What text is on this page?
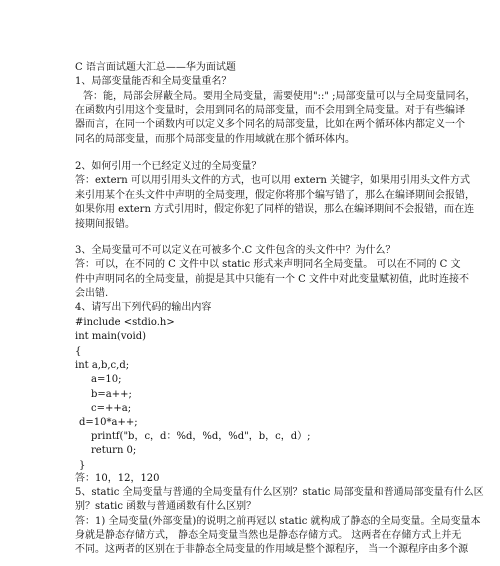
C 语言面试题大汇总——华为面试题
1、局部变量能否和全局变量重名？
答：能，局部会屏蔽全局。要用全局变量，需要使用"::" ;局部变量可以与全局变量同名，
在函数内引用这个变量时，会用到同名的局部变量，而不会用到全局变量。对于有些编译
器而言，在同一个函数内可以定义多个同名的局部变量，比如在两个循环体内都定义一个
同名的局部变量，而那个局部变量的作用域就在那个循环体内。
2、如何引用一个已经定义过的全局变量？
答：extern 可以用引用头文件的方式，也可以用 extern 关键字，如果用引用头文件方式
来引用某个在头文件中声明的全局变理，假定你将那个编写错了，那么在编译期间会报错，
如果你用 extern 方式引用时，假定你犯了同样的错误，那么在编译期间不会报错，而在连
接期间报错。
3、全局变量可不可以定义在可被多个.C 文件包含的头文件中？为什么？
答：可以，在不同的 C 文件中以 static 形式来声明同名全局变量。 可以在不同的 C 文
件中声明同名的全局变量，前提是其中只能有一个 C 文件中对此变量赋初值，此时连接不
会出错.
4、请写出下列代码的输出内容
#include <stdio.h>
int main(void)
{
int a,b,c,d;
a=10;
b=a++;
c=++a;
d=10*a++;
printf("b，c，d：%d，%d，%d"，b，c，d）;
return 0;
}
答：10，12，120
5、static 全局变量与普通的全局变量有什么区别？static 局部变量和普通局部变量有什么区
别？static 函数与普通函数有什么区别？
答：1) 全局变量(外部变量)的说明之前再冠以 static 就构成了静态的全局变量。全局变量本
身就是静态存储方式， 静态全局变量当然也是静态存储方式。 这两者在存储方式上并无
不同。这两者的区别在于非静态全局变量的作用域是整个源程序， 当一个源程序由多个源
